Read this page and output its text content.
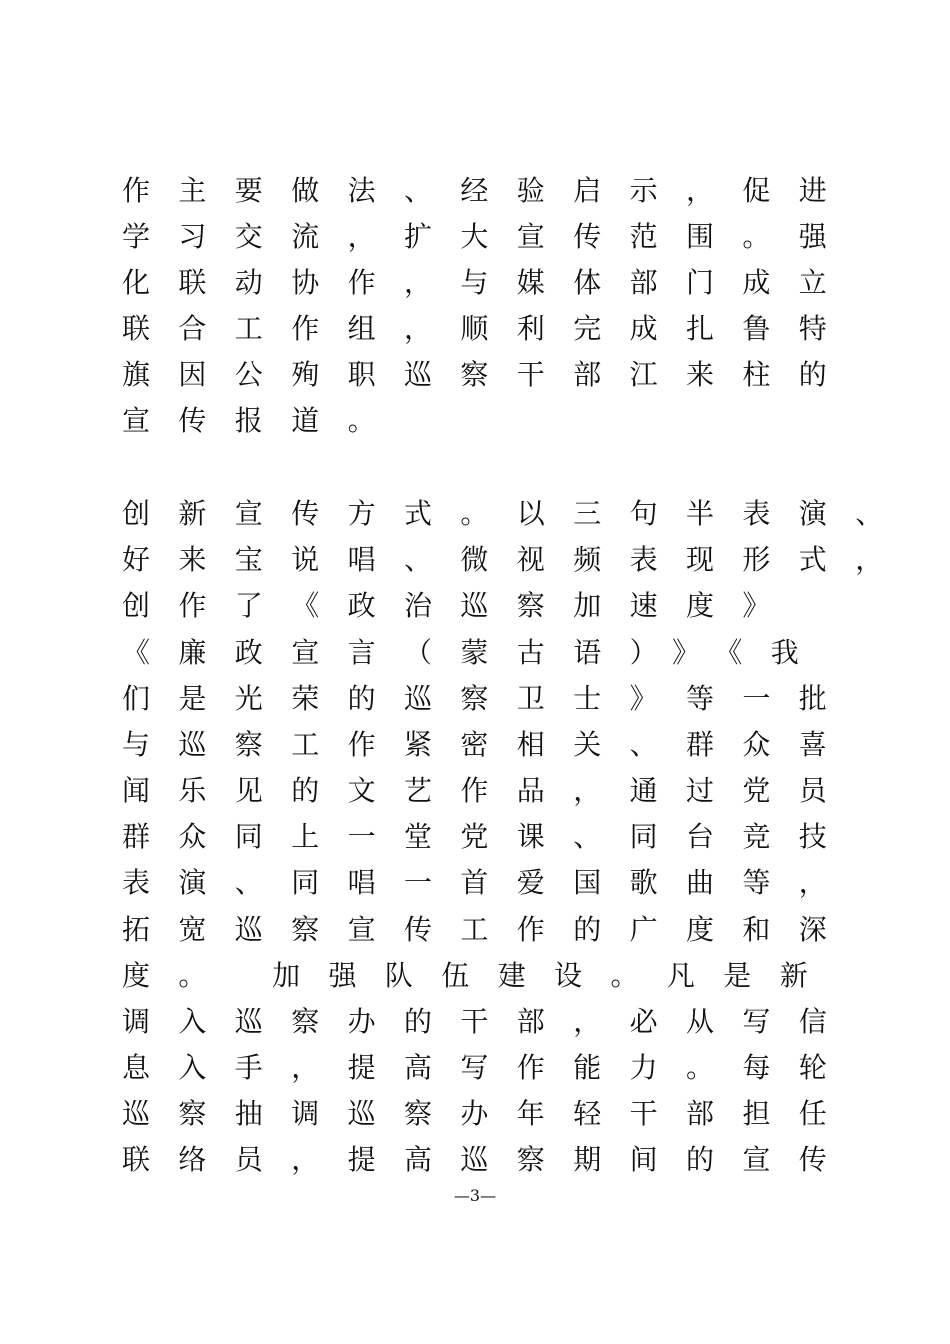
作主要做法、经验启示，促进
学习交流，扩大宣传范围。强
化联动协作，与媒体部门成立
联合工作组，顺利完成扎鲁特
旗因公殉职巡察干部江来柱的
宣传报道。
创新宣传方式。以三句半表演、
好来宝说唱、微视频表现形式，
创作了《政治巡察加速度》
《廉政宣言（蒙古语）》《我
们是光荣的巡察卫士》等一批
与巡察工作紧密相关、群众喜
闻乐见的文艺作品，通过党员
群众同上一堂党课、同台竞技
表演、同唱一首爱国歌曲等，
拓宽巡察宣传工作的广度和深
度。 加强队伍建设。凡是新
调入巡察办的干部，必从写信
息入手，提高写作能力。每轮
巡察抽调巡察办年轻干部担任
联络员，提高巡察期间的宣传
—3—
